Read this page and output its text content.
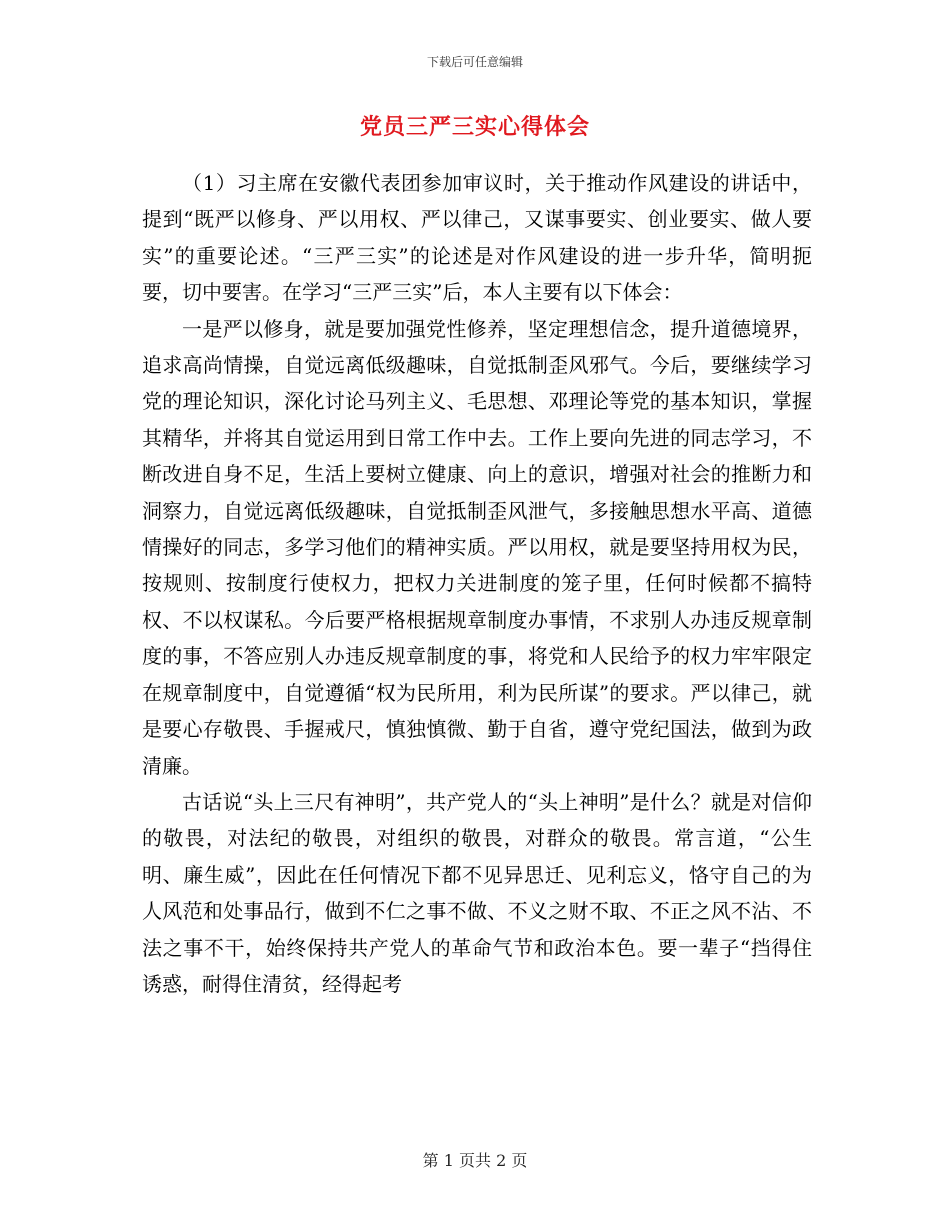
下载后可任意编辑
党员三严三实心得体会

（1）习主席在安徽代表团参加审议时，关于推动作风建设的讲话中，提到“既严以修身、严以用权、严以律己，又谋事要实、创业要实、做人要实”的重要论述。“三严三实”的论述是对作风建设的进一步升华，简明扼要，切中要害。在学习“三严三实”后，本人主要有以下体会：

一是严以修身，就是要加强党性修养，坚定理想信念，提升道德境界，追求高尚情操，自觉远离低级趣味，自觉抵制歪风邪气。今后，要继续学习党的理论知识，深化讨论马列主义、毛思想、邓理论等党的基本知识，掌握其精华，并将其自觉运用到日常工作中去。工作上要向先进的同志学习，不断改进自身不足，生活上要树立健康、向上的意识，增强对社会的推断力和洞察力，自觉远离低级趣味，自觉抵制歪风泄气，多接触思想水平高、道德情操好的同志，多学习他们的精神实质。严以用权，就是要坚持用权为民，按规则、按制度行使权力，把权力关进制度的笼子里，任何时候都不搞特权、不以权谋私。今后要严格根据规章制度办事情，不求别人办违反规章制度的事，不答应别人办违反规章制度的事，将党和人民给予的权力牢牢限定在规章制度中，自觉遵循“权为民所用，利为民所谋”的要求。严以律己，就是要心存敬畏、手握戒尺，慎独慎微、勤于自省，遵守党纪国法，做到为政清廉。

古话说“头上三尺有神明”，共产党人的“头上神明”是什么？就是对信仰的敬畏，对法纪的敬畏，对组织的敬畏，对群众的敬畏。常言道，“公生明、廉生威”，因此在任何情况下都不见异思迁、见利忘义，恪守自己的为人风范和处事品行，做到不仁之事不做、不义之财不取、不正之风不沾、不法之事不干，始终保持共产党人的革命气节和政治本色。要一辈子“挡得住诱惑，耐得住清贫，经得起考

第 1 页共 2 页
